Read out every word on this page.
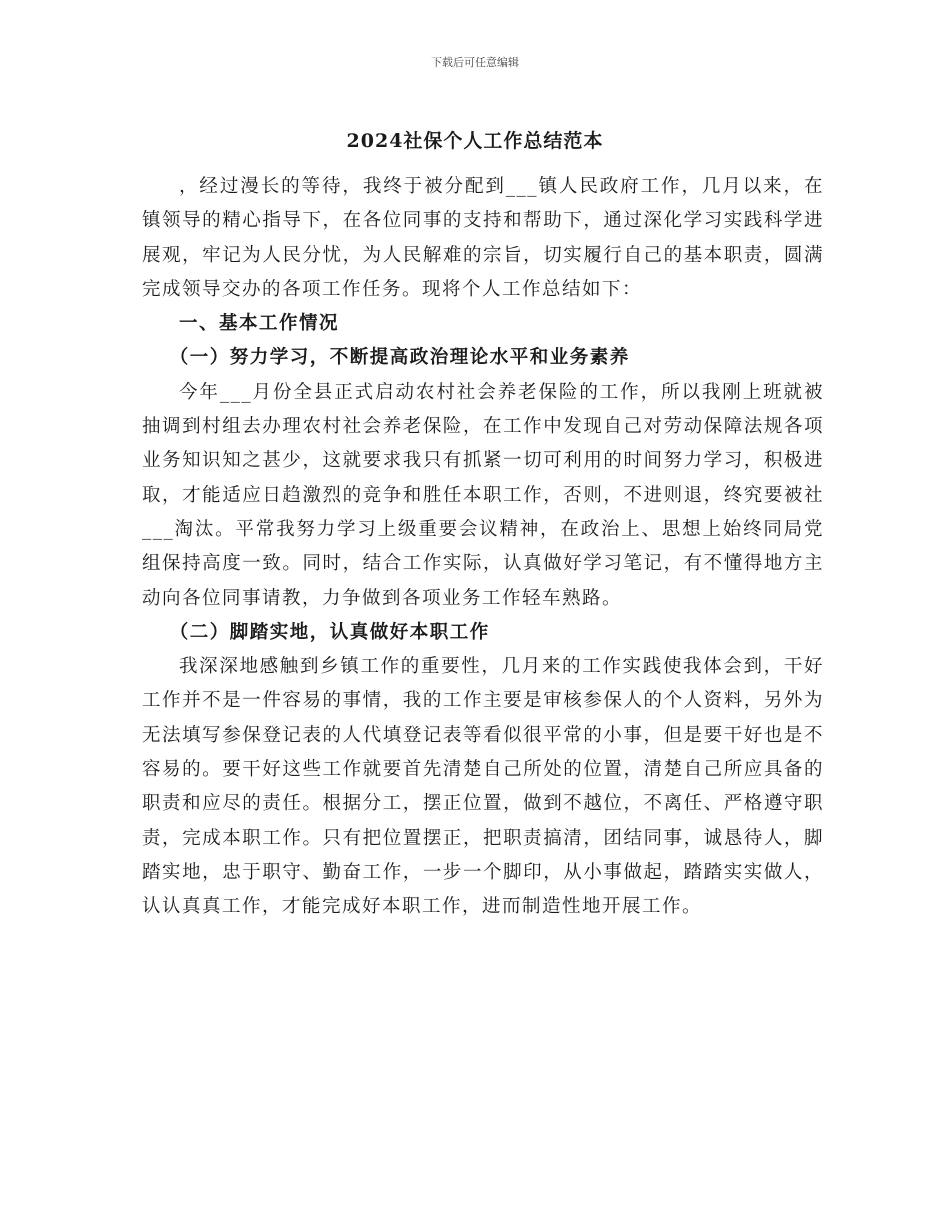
下载后可任意编辑
2024社保个人工作总结范本

，经过漫长的等待，我终于被分配到___镇人民政府工作，几月以来，在镇领导的精心指导下，在各位同事的支持和帮助下，通过深化学习实践科学进展观，牢记为人民分忧，为人民解难的宗旨，切实履行自己的基本职责，圆满完成领导交办的各项工作任务。现将个人工作总结如下：

一、基本工作情况

（一）努力学习，不断提高政治理论水平和业务素养

今年___月份全县正式启动农村社会养老保险的工作，所以我刚上班就被抽调到村组去办理农村社会养老保险，在工作中发现自己对劳动保障法规各项业务知识知之甚少，这就要求我只有抓紧一切可利用的时间努力学习，积极进取，才能适应日趋激烈的竞争和胜任本职工作，否则，不进则退，终究要被社___淘汰。平常我努力学习上级重要会议精神，在政治上、思想上始终同局党组保持高度一致。同时，结合工作实际，认真做好学习笔记，有不懂得地方主动向各位同事请教，力争做到各项业务工作轻车熟路。

（二）脚踏实地，认真做好本职工作

我深深地感触到乡镇工作的重要性，几月来的工作实践使我体会到，干好工作并不是一件容易的事情，我的工作主要是审核参保人的个人资料，另外为无法填写参保登记表的人代填登记表等看似很平常的小事，但是要干好也是不容易的。要干好这些工作就要首先清楚自己所处的位置，清楚自己所应具备的职责和应尽的责任。根据分工，摆正位置，做到不越位，不离任、严格遵守职责，完成本职工作。只有把位置摆正，把职责搞清，团结同事，诚恳待人，脚踏实地，忠于职守、勤奋工作，一步一个脚印，从小事做起，踏踏实实做人，认认真真工作，才能完成好本职工作，进而制造性地开展工作。
